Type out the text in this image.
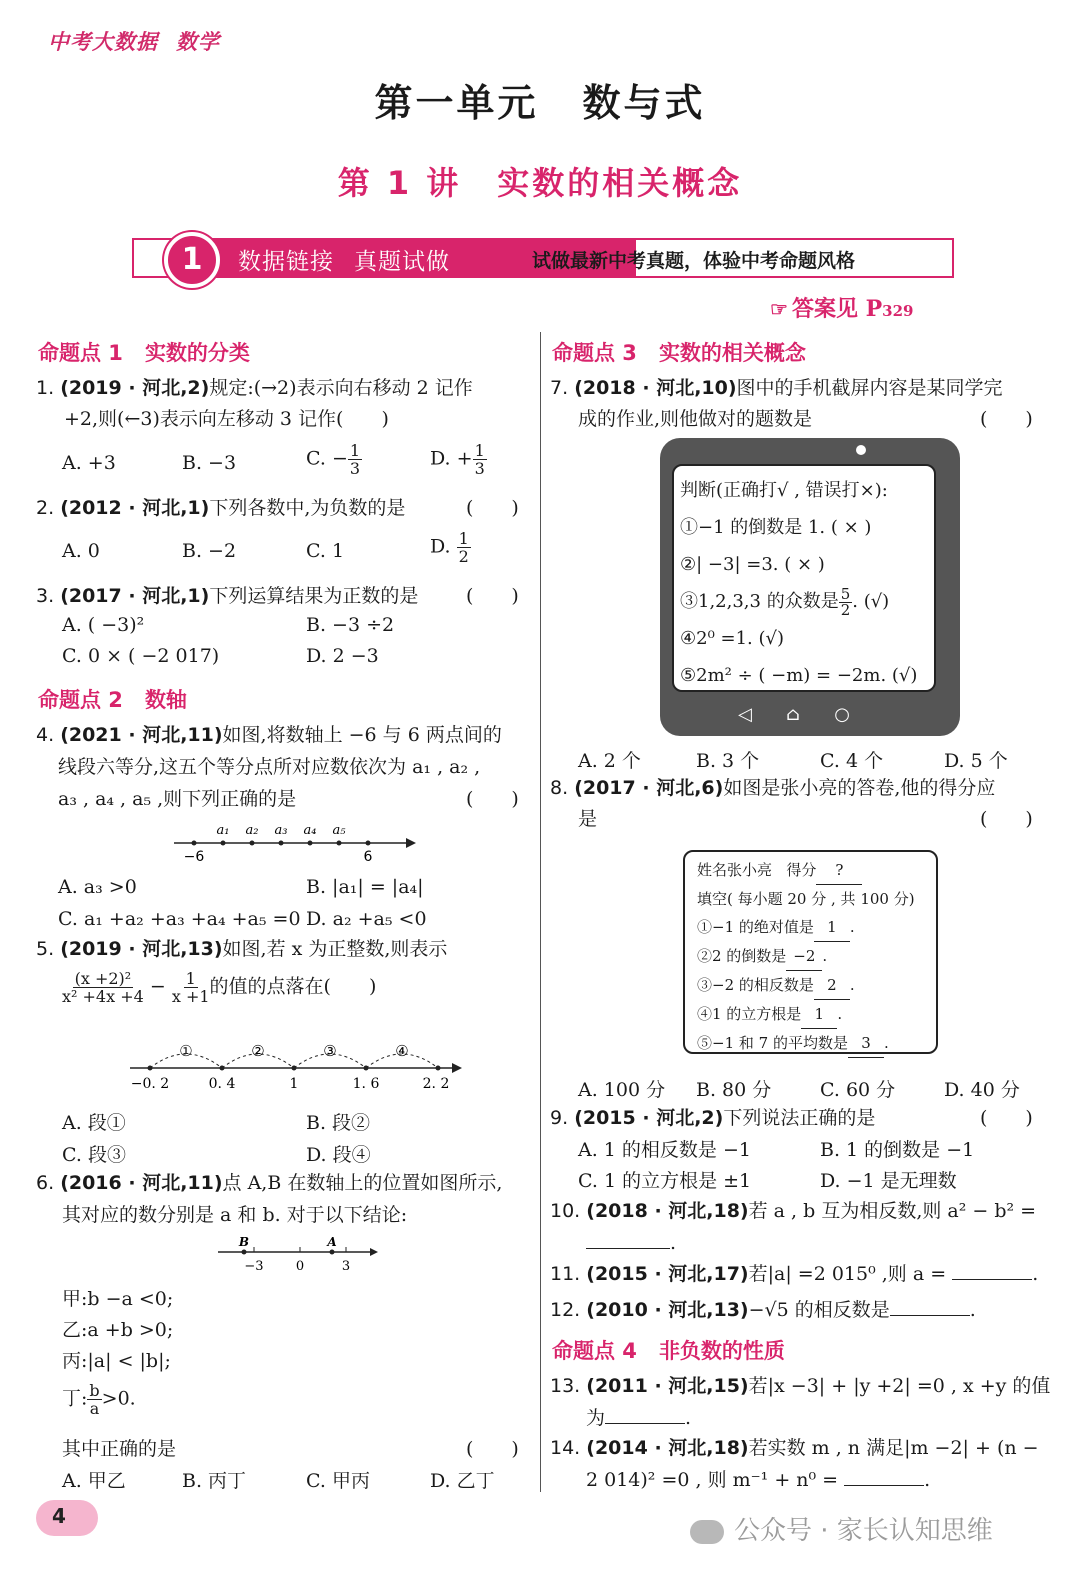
中考大数据 数学
第一单元 数与式
第 1 讲 实数的相关概念
1	数据链接 真题试做	试做最新中考真题，体验中考命题风格
☞ 答案见 P329
命题点 1 实数的分类
1. (2019 · 河北,2)规定:(→2)表示向右移动 2 记作
+2,则(←3)表示向左移动 3 记作(　　)
A. +3	B. −3	C. − $\frac{1}{3}$	D. + $\frac{1}{3}$
2. (2012 · 河北,1)下列各数中,为负数的是	(　　)
A. 0	B. −2	C. 1	D. $\frac{1}{2}$
3. (2017 · 河北,1)下列运算结果为正数的是	(　　)
A. ( −3)²	B. −3 ÷2
C. 0 × ( −2 017)	D. 2 −3
命题点 2 数轴
4. (2021 · 河北,11)如图,将数轴上 −6 与 6 两点间的
线段六等分,这五个等分点所对应数依次为 a₁ , a₂ ,
a₃ , a₄ , a₅ ,则下列正确的是	(　　)
−6	6
a₁ a₂ a₃ a₄ a₅
A. a₃ >0	B. |a₁| = |a₄|
C. a₁ +a₂ +a₃ +a₄ +a₅ =0 D. a₂ +a₅ <0
5. (2019 · 河北,13)如图,若 x 为正整数,则表示
$\frac{\text{(x +2)²}}{\text{x² +4x +4}} - \frac{1}{x +1}$ 的值的点落在(　　)
①	②	③	④
−0. 2	0. 4	1	1. 6	2. 2
A. 段①	B. 段②
C. 段③	D. 段④
6. (2016 · 河北,11)点 A,B 在数轴上的位置如图所示,
其对应的数分别是 a 和 b. 对于以下结论:
B	A
−3 0	3
甲:b −a <0;
乙:a +b >0;
丙:|a| < |b|;
丁: $\frac{b}{a} >0$.
其中正确的是	(　　)
A. 甲乙	B. 丙丁	C. 甲丙	D. 乙丁
命题点 3 实数的相关概念
7. (2018 · 河北,10)图中的手机截屏内容是某同学完
成的作业,则他做对的题数是	(　　)
判断(正确打√ , 错误打×):
①−1 的倒数是 1. ( × )
②| −3| =3. ( × )
③1,2,3,3 的众数是 $\frac{5}{2}$ . (√)
④2⁰ =1. (√)
⑤2m² ÷ ( −m) = −2m. (√)
◁ ⌂ ○
A. 2 个	B. 3 个	C. 4 个	D. 5 个
8. (2017 · 河北,6)如图是张小亮的答卷,他的得分应
是	(　　)
姓名张小亮 得分 ?
填空( 每小题 20 分 , 共 100 分)
①−1 的绝对值是 1 .
②2 的倒数是 −2 .
③−2 的相反数是 2 .
④1 的立方根是 1 .
⑤−1 和 7 的平均数是 3 .
A. 100 分 B. 80 分	C. 60 分	D. 40 分
9. (2015 · 河北,2)下列说法正确的是	(　　)
A. 1 的相反数是 −1	B. 1 的倒数是 −1
C. 1 的立方根是 ±1	D. −1 是无理数
10. (2018 · 河北,18)若 a , b 互为相反数,则 a² − b² =
.
11. (2015 · 河北,17)若|a| =2 015⁰ ,则 a =	.
12. (2010 · 河北,13)−√5 的相反数是	.
命题点 4 非负数的性质
13. (2011 · 河北,15)若|x −3| + |y +2| =0 , x +y 的值
为	.
14. (2014 · 河北,18)若实数 m , n 满足|m −2| + (n −
2 014)² =0 , 则 m⁻¹ + n⁰ =	.
4	公众号 · 家长认知思维
